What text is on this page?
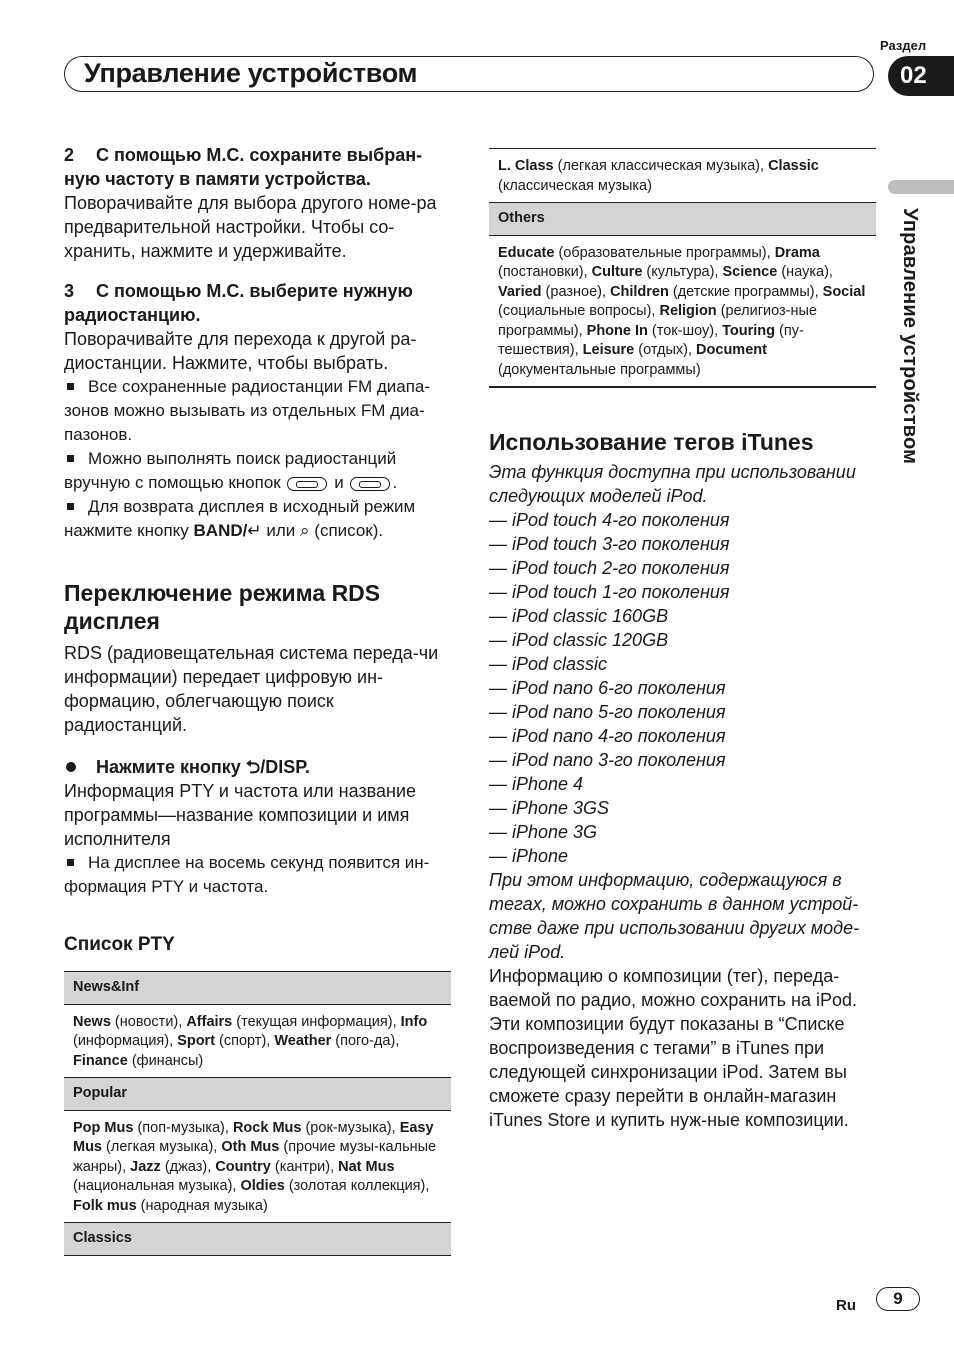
Управление устройством
Раздел
02
Управление устройством

2 С помощью M.C. сохраните выбран-ную частоту в памяти устройства.

Поворачивайте для выбора другого номе-ра предварительной настройки. Чтобы со-хранить, нажмите и удерживайте.

3 С помощью M.C. выберите нужную радиостанцию.

Поворачивайте для перехода к другой ра-диостанции. Нажмите, чтобы выбрать.

Все сохраненные радиостанции FM диапа-зонов можно вызывать из отдельных FM диа-пазонов.

Можно выполнять поиск радиостанций вручную с помощью кнопок	и	.

Для возврата дисплея в исходный режим нажмите кнопку BAND/↵ или ⌕ (список).

Переключение режима RDS дисплея

RDS (радиовещательная система переда-чи информации) передает цифровую ин-формацию, облегчающую поиск радиостанций.

Нажмите кнопку ⮌/DISP.

Информация PTY и частота или название программы—название композиции и имя исполнителя

На дисплее на восемь секунд появится ин-формация PTY и частота.

Список PTY

News&Inf
News (новости), Affairs (текущая информация), Info (информация), Sport (спорт), Weather (пого-да), Finance (финансы)
Popular
Pop Mus (поп-музыка), Rock Mus (рок-музыка), Easy Mus (легкая музыка), Oth Mus (прочие музы-кальные жанры), Jazz (джаз), Country (кантри), Nat Mus (национальная музыка), Oldies (золотая коллекция), Folk mus (народная музыка)
Classics
L. Class (легкая классическая музыка), Classic (классическая музыка)
Others
Educate (образовательные программы), Drama (постановки), Culture (культура), Science (наука), Varied (разное), Children (детские программы), Social (социальные вопросы), Religion (религиоз-ные программы), Phone In (ток-шоу), Touring (пу-тешествия), Leisure (отдых), Document (документальные программы)

Использование тегов iTunes

Эта функция доступна при использовании следующих моделей iPod.

— iPod touch 4-го поколения

— iPod touch 3-го поколения

— iPod touch 2-го поколения

— iPod touch 1-го поколения

— iPod classic 160GB

— iPod classic 120GB

— iPod classic

— iPod nano 6-го поколения

— iPod nano 5-го поколения

— iPod nano 4-го поколения

— iPod nano 3-го поколения

— iPhone 4

— iPhone 3GS

— iPhone 3G

— iPhone

При этом информацию, содержащуюся в тегах, можно сохранить в данном устрой-стве даже при использовании других моде-лей iPod.

Информацию о композиции (тег), переда-ваемой по радио, можно сохранить на iPod. Эти композиции будут показаны в “Списке воспроизведения с тегами” в iTunes при следующей синхронизации iPod. Затем вы сможете сразу перейти в онлайн-магазин iTunes Store и купить нуж-ные композиции.

Ru	9
